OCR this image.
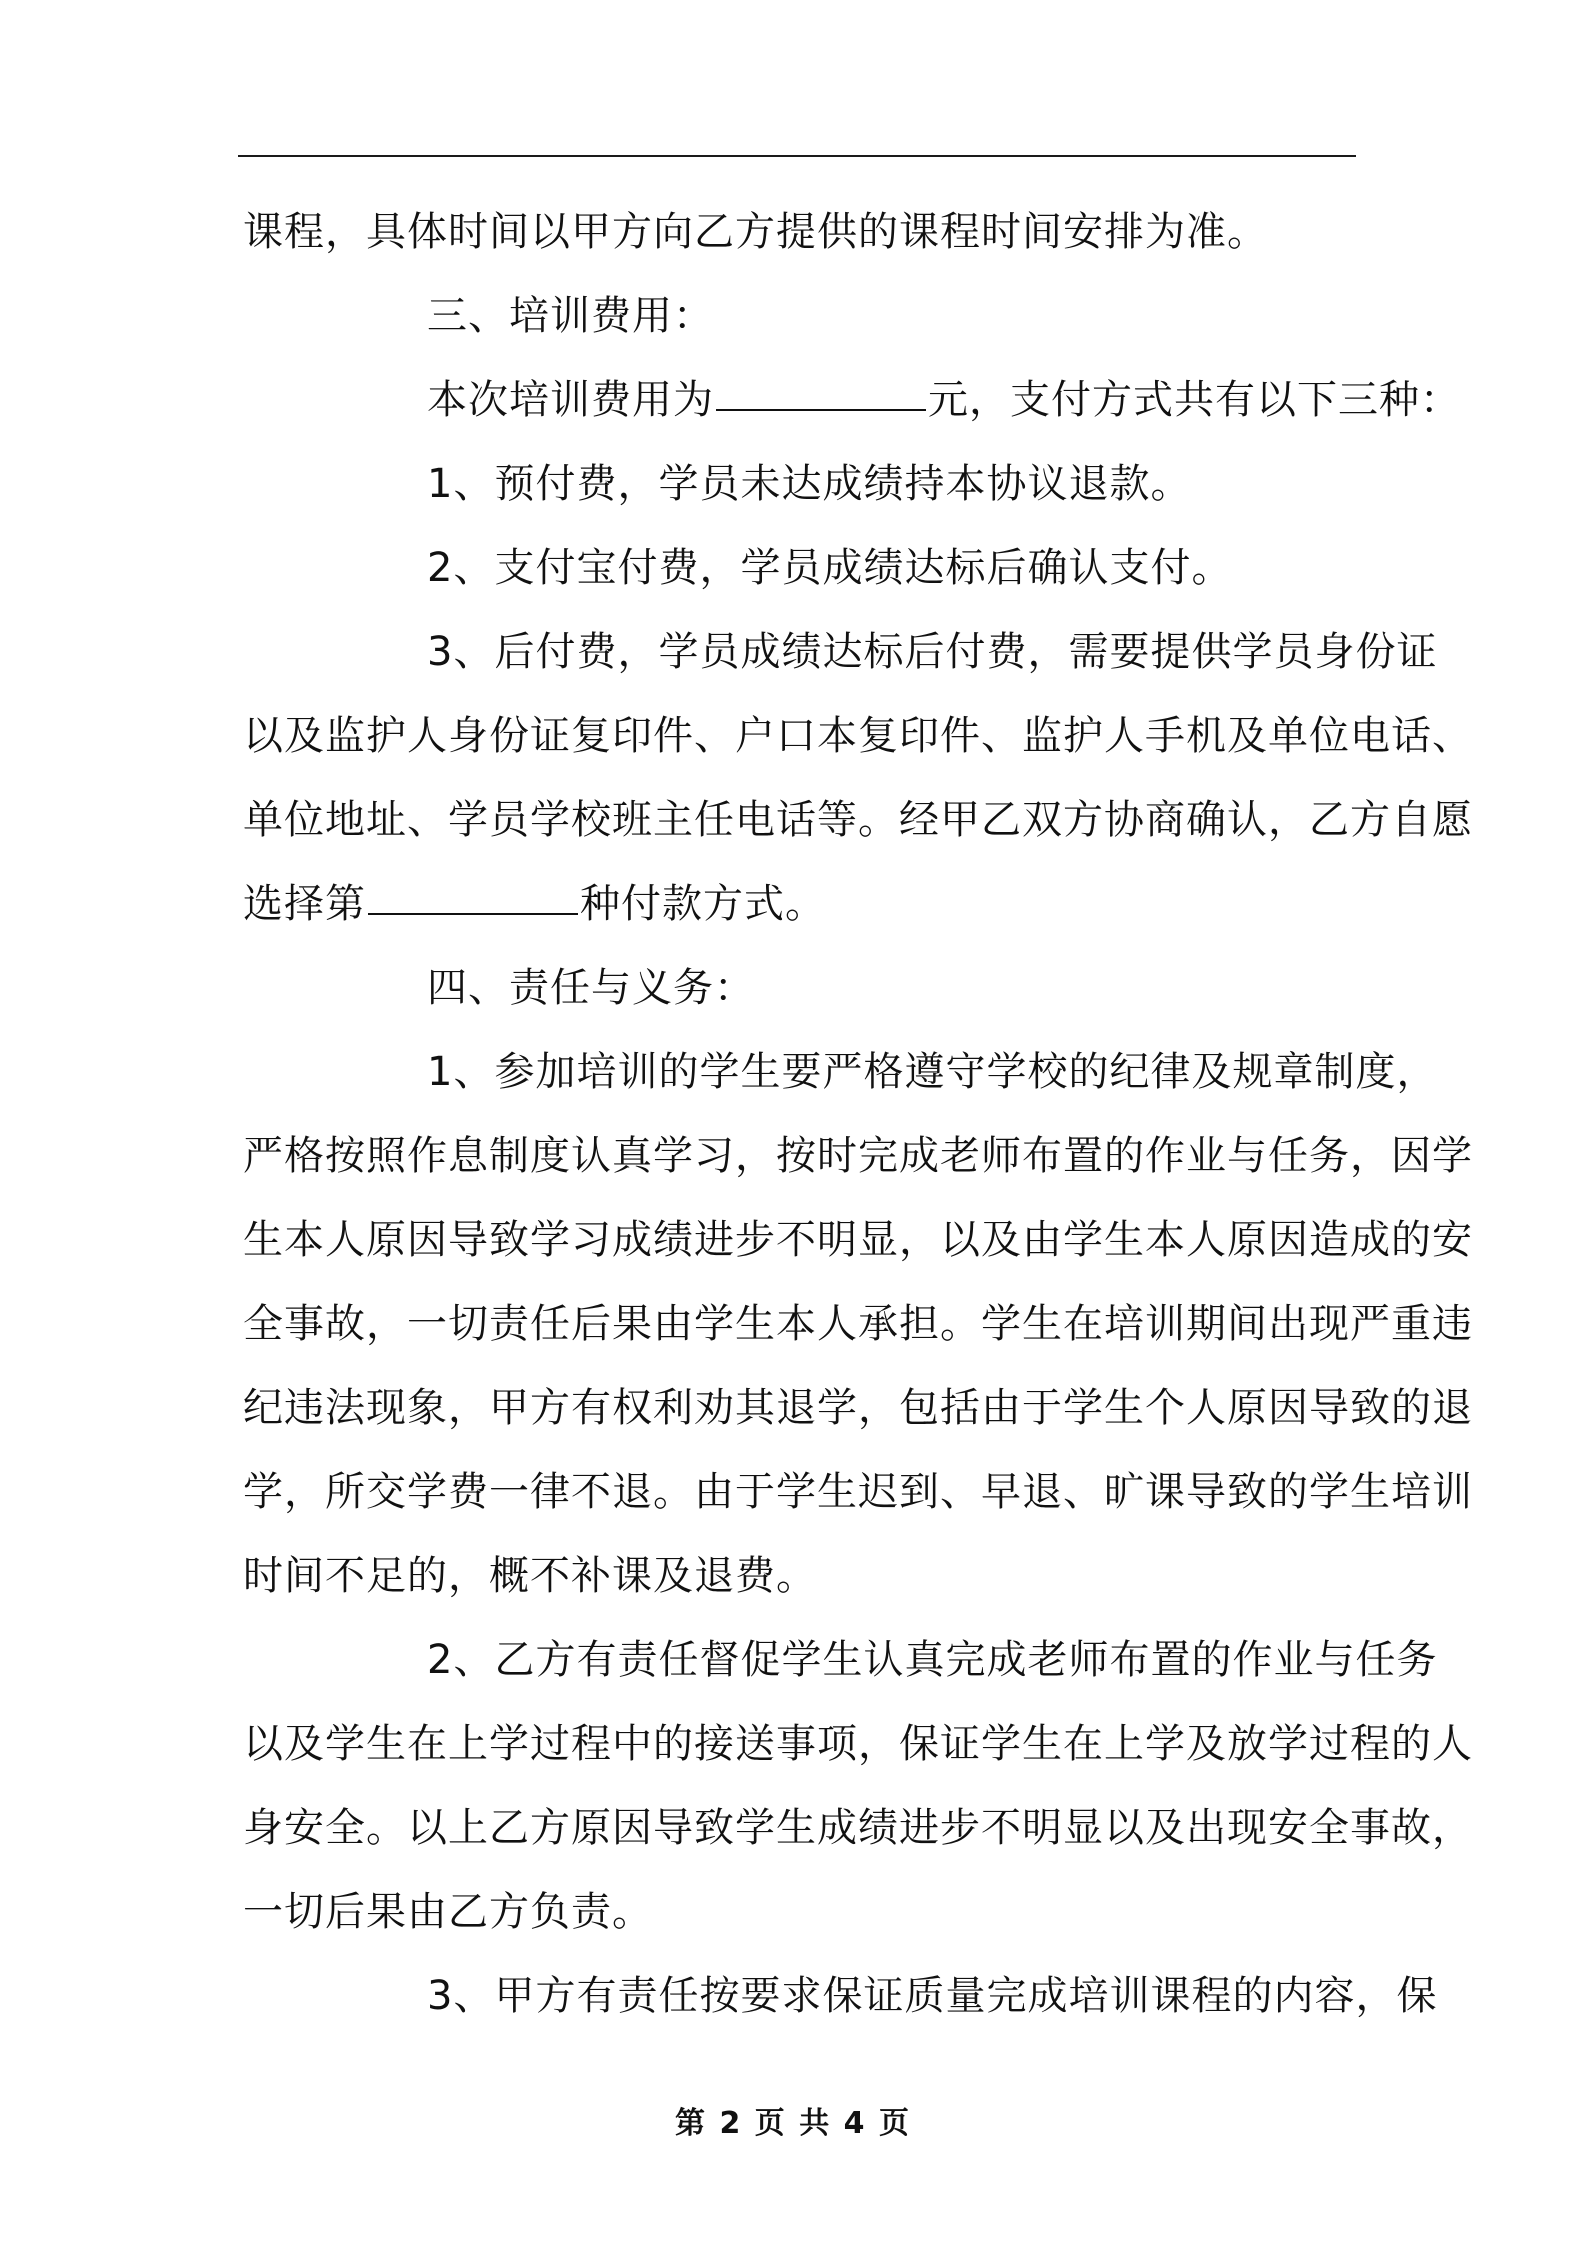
课程，具体时间以甲方向乙方提供的课程时间安排为准。
三、培训费用：
本次培训费用为	元，支付方式共有以下三种：
1、预付费，学员未达成绩持本协议退款。
2、支付宝付费，学员成绩达标后确认支付。
3、后付费，学员成绩达标后付费，需要提供学员身份证
以及监护人身份证复印件、户口本复印件、监护人手机及单位电话、
单位地址、学员学校班主任电话等。经甲乙双方协商确认，乙方自愿
选择第	种付款方式。
四、责任与义务：
1、参加培训的学生要严格遵守学校的纪律及规章制度，
严格按照作息制度认真学习，按时完成老师布置的作业与任务，因学
生本人原因导致学习成绩进步不明显，以及由学生本人原因造成的安
全事故，一切责任后果由学生本人承担。学生在培训期间出现严重违
纪违法现象，甲方有权利劝其退学，包括由于学生个人原因导致的退
学，所交学费一律不退。由于学生迟到、早退、旷课导致的学生培训
时间不足的，概不补课及退费。
2、乙方有责任督促学生认真完成老师布置的作业与任务
以及学生在上学过程中的接送事项，保证学生在上学及放学过程的人
身安全。以上乙方原因导致学生成绩进步不明显以及出现安全事故，
一切后果由乙方负责。
3、甲方有责任按要求保证质量完成培训课程的内容，保
第 2 页 共 4 页
